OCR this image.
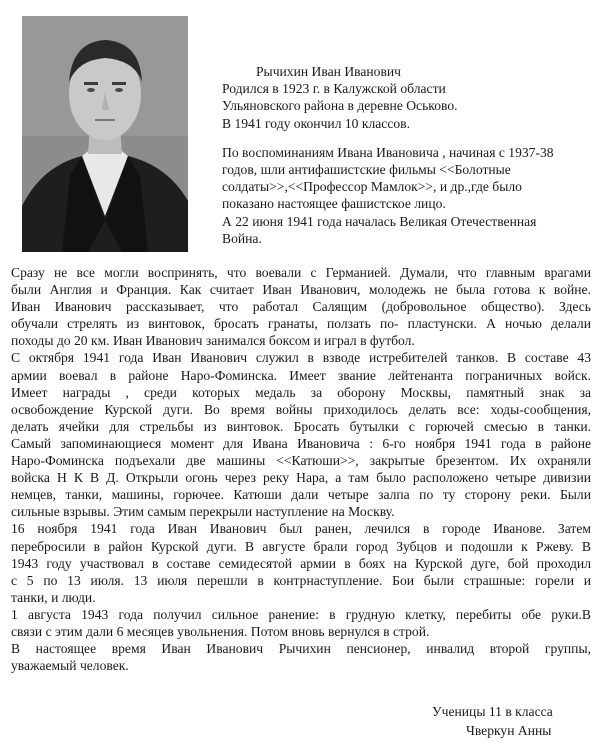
Рычихин Иван Иванович
Родился в 1923 г. в Калужской области
Ульяновского района в деревне Оськово.
В 1941 году окончил 10 классов.
По воспоминаниям Ивана Ивановича , начиная с 1937-38
годов, шли антифашистские фильмы <<Болотные
солдаты>>,<<Профессор Мамлок>>, и др.,где было
показано настоящее фашистское лицо.
А 22 июня 1941 года началась Великая Отечественная
Война.
Сразу не все могли воспринять, что воевали с Германией. Думали, что главным врагами
были Англия и Франция. Как считает Иван Иванович, молодежь не была готова к войне.
Иван Иванович рассказывает, что работал Салящим (добровольное общество). Здесь
обучали стрелять из винтовок, бросать гранаты, ползать по- пластунски. А ночью делали
походы до 20 км. Иван Иванович занимался боксом и играл в футбол.
С октября 1941 года Иван Иванович служил в взводе истребителей танков. В составе 43
армии воевал в районе Наро-Фоминска. Имеет звание лейтенанта пограничных войск.
Имеет награды , среди которых медаль за оборону Москвы, памятный знак за
освобождение Курской дуги. Во время войны приходилось делать все: ходы-сообщения,
делать ячейки для стрельбы из винтовок. Бросать бутылки с горючей смесью в танки.
Самый запоминающиеся момент для Ивана Ивановича : 6-го ноября 1941 года в районе
Наро-Фоминска подъехали две машины <<Катюши>>, закрытые брезентом. Их охраняли
войска Н К В Д. Открыли огонь через реку Нара, а там было расположено четыре дивизии
немцев, танки, машины, горючее. Катюши дали четыре залпа по ту сторону реки. Были
сильные взрывы. Этим самым перекрыли наступление на Москву.
16 ноября 1941 года Иван Иванович был ранен, лечился в городе Иванове. Затем
перебросили в район Курской дуги. В августе брали город Зубцов и подошли к Ржеву. В
1943 году участвовал в составе семидесятой армии в боях на Курской дуге, бой проходил
с 5 по 13 июля. 13 июля перешли в контрнаступление. Бои были страшные: горели и
танки, и люди.
1 августа 1943 года получил сильное ранение: в грудную клетку, перебиты обе руки.В
связи с этим дали 6 месяцев увольнения. Потом вновь вернулся в строй.
В настоящее время Иван Иванович Рычихин пенсионер, инвалид второй группы,
уважаемый человек.
Ученицы 11 в класса
Чверкун Анны
